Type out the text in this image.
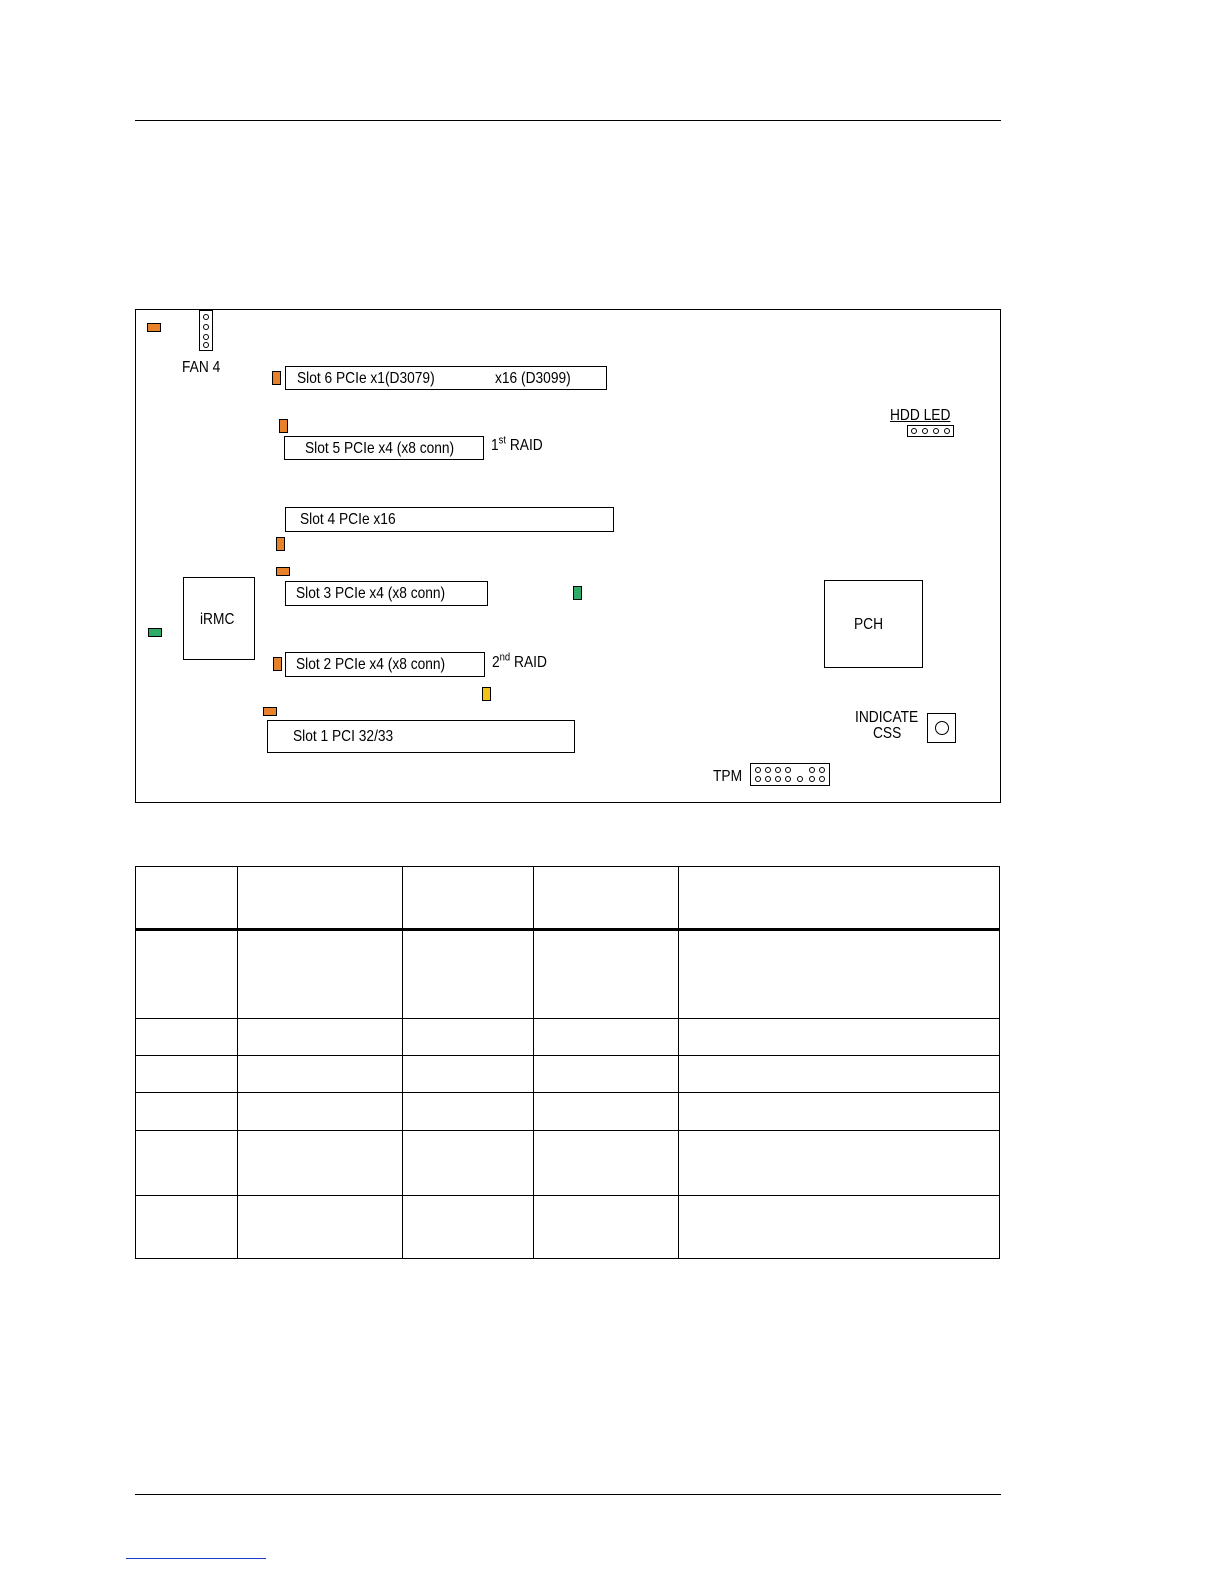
FAN 4
Slot 6 PCIe x1(D3079)	x16 (D3099)
Slot 5 PCIe x4 (x8 conn) 1st RAID
HDD LED
Slot 4 PCIe x16
Slot 3 PCIe x4 (x8 conn)
iRMC	PCH
Slot 2 PCIe x4 (x8 conn)	2nd RAID
Slot 1 PCI 32/33
INDICATE
CSS
TPM
